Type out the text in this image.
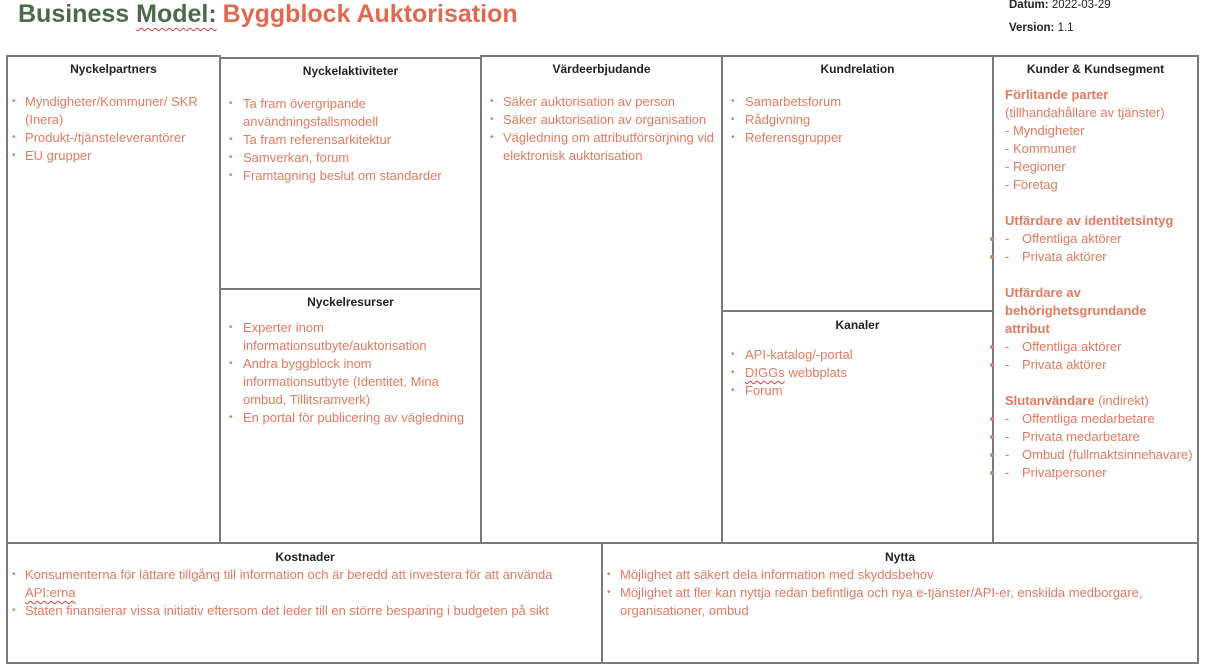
Business Model: Byggblock Auktorisation	Datum: 2022-03-29
Version: 1.1
Nyckelpartners
• Myndigheter/Kommuner/ SKR (Inera)
• Produkt-/tjänsteleverantörer
• EU grupper
Nyckelaktiviteter
• Ta fram övergripande användningsfallsmodell
• Ta fram referensarkitektur
• Samverkan, forum
• Framtagning beslut om standarder
Nyckelresurser
• Experter inom informationsutbyte/auktorisation
• Andra byggblock inom informationsutbyte (Identitet, Mina ombud, Tillitsramverk)
• En portal för publicering av vägledning
Värdeerbjudande
• Säker auktorisation av person
• Säker auktorisation av organisation
• Vägledning om attributförsörjning vid elektronisk auktorisation
Kundrelation
• Samarbetsforum
• Rådgivning
• Referensgrupper
Kanaler
• API-katalog/-portal
• DIGGs webbplats
• Forum
Kunder & Kundsegment
Förlitande parter
(tillhandahållare av tjänster)
- Myndigheter
- Kommuner
- Regioner
- Företag
Utfärdare av identitetsintyg
- • Offentliga aktörer
- • Privata aktörer
Utfärdare av behörighetsgrundande attribut
- • Offentliga aktörer
- • Privata aktörer
Slutanvändare (indirekt)
- • Offentliga medarbetare
- • Privata medarbetare
- • Ombud (fullmaktsinnehavare)
- • Privatpersoner
Kostnader
• Konsumenterna för lättare tillgång till information och är beredd att investera för att använda API:erna
• Staten finansierar vissa initiativ eftersom det leder till en större besparing i budgeten på sikt
Nytta
• Möjlighet att säkert dela information med skyddsbehov
• Möjlighet att fler kan nyttja redan befintliga och nya e-tjänster/API-er, enskilda medborgare, organisationer, ombud
